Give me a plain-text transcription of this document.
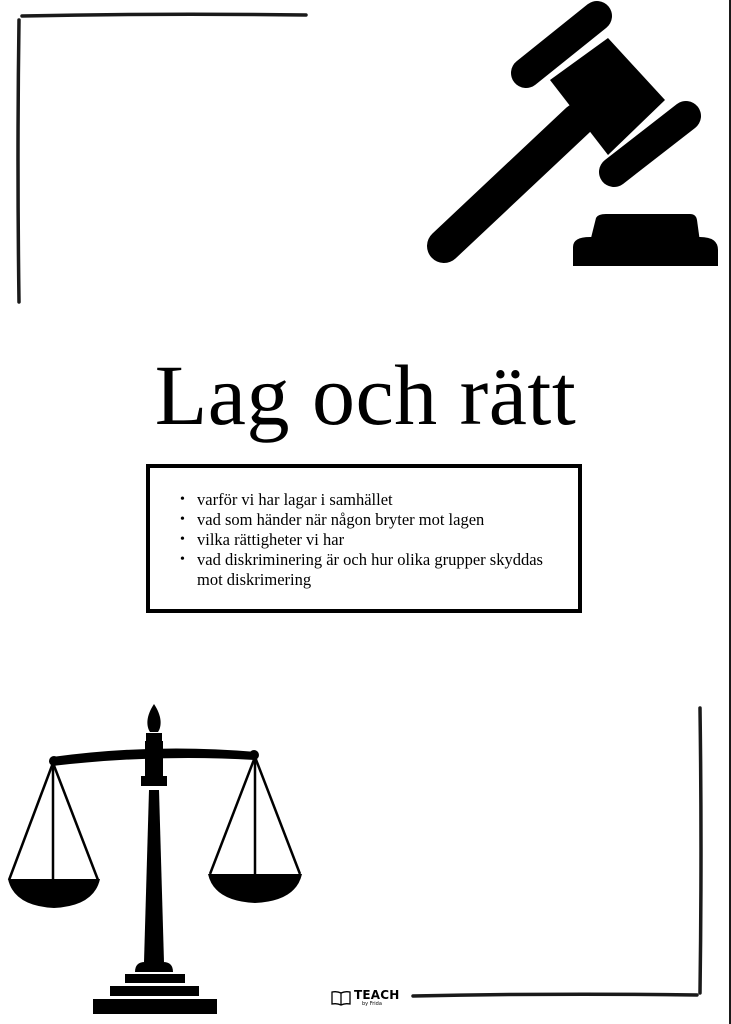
Lag och rätt
• varför vi har lagar i samhället
• vad som händer när någon bryter mot lagen
• vilka rättigheter vi har
• vad diskriminering är och hur olika grupper skyddas mot diskrimering
TEACH
by Frida
